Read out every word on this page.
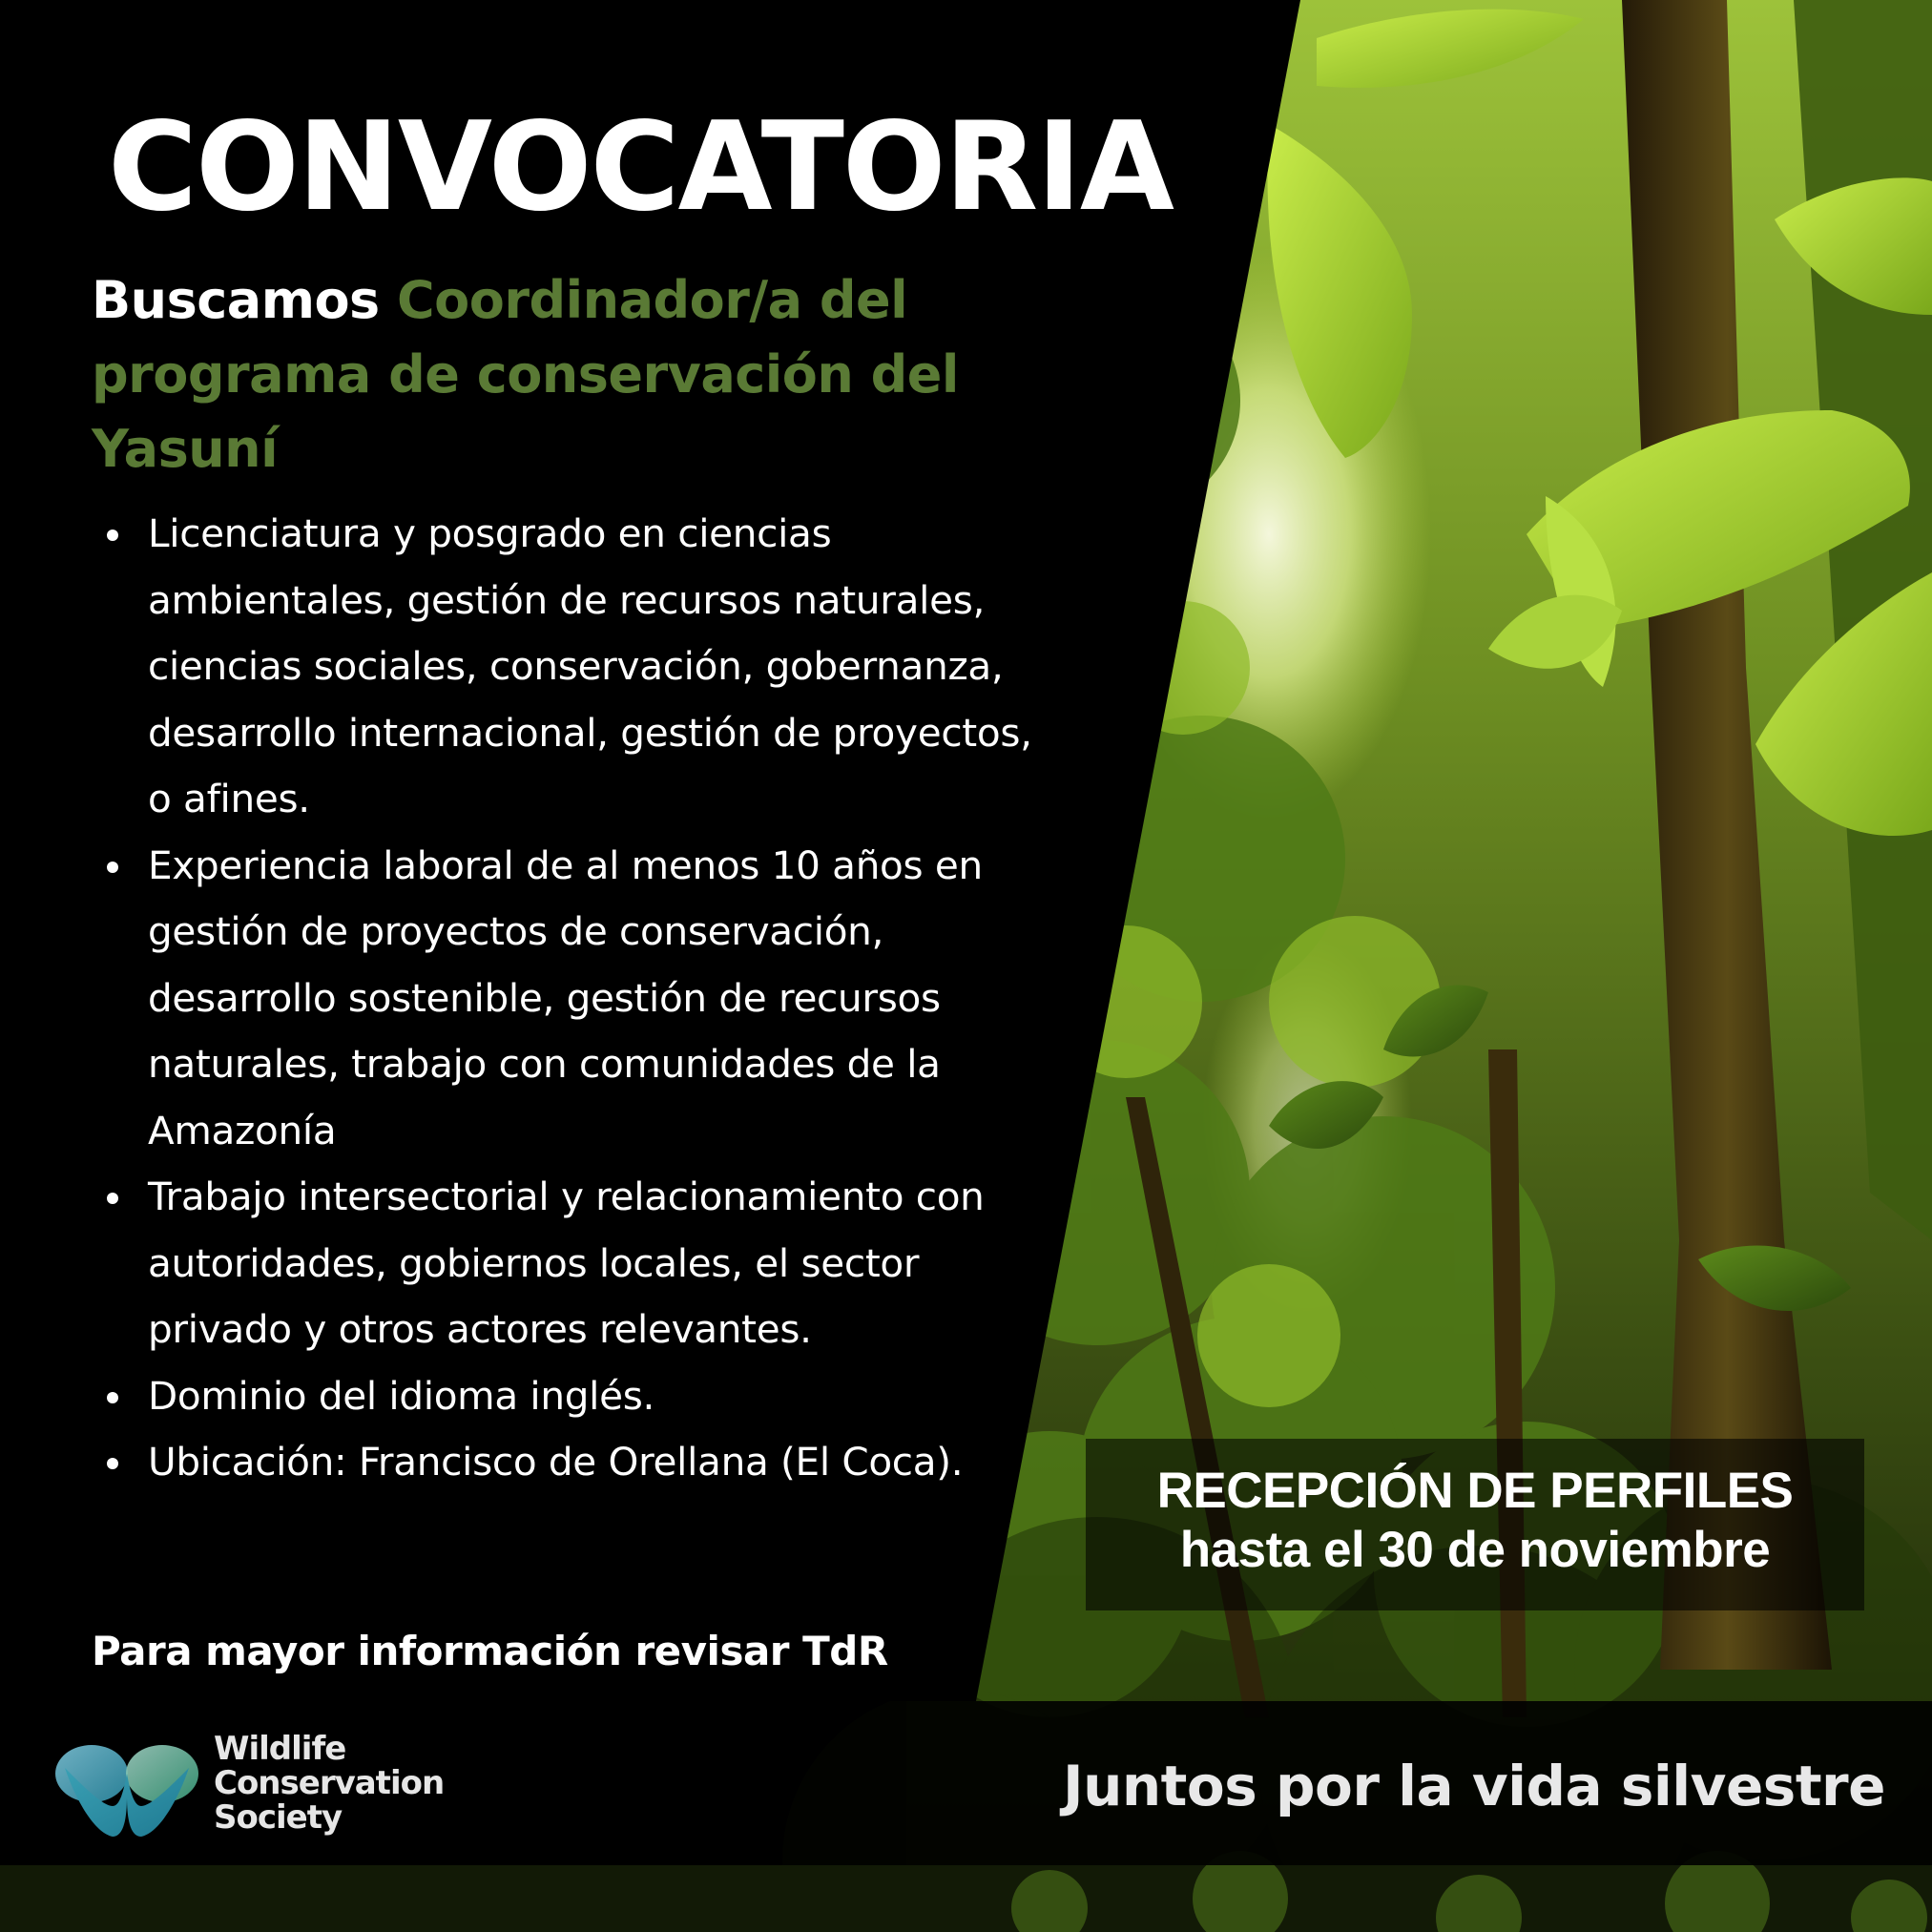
CONVOCATORIA
Buscamos Coordinador/a del programa de conservación del Yasuní
Licenciatura y posgrado en ciencias ambientales, gestión de recursos naturales, ciencias sociales, conservación, gobernanza, desarrollo internacional, gestión de proyectos, o afines.
Experiencia laboral de al menos 10 años en gestión de proyectos de conservación, desarrollo sostenible, gestión de recursos naturales, trabajo con comunidades de la Amazonía
Trabajo intersectorial y relacionamiento con autoridades, gobiernos locales, el sector privado y otros actores relevantes.
Dominio del idioma inglés.
Ubicación: Francisco de Orellana (El Coca).

Para mayor información revisar TdR

RECEPCIÓN DE PERFILES
hasta el 30 de noviembre

Wildlife
Conservation
Society	Juntos por la vida silvestre
